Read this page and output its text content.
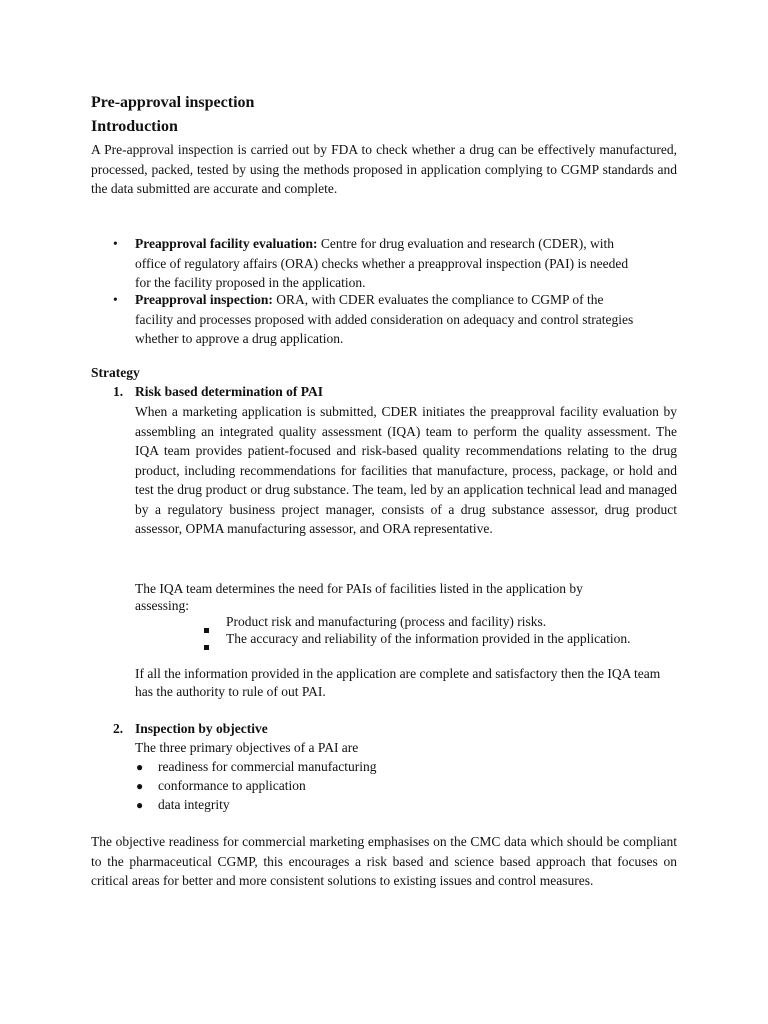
Pre-approval inspection
Introduction
A Pre-approval inspection is carried out by FDA to check whether a drug can be effectively manufactured, processed, packed, tested by using the methods proposed in application complying to CGMP standards and the data submitted are accurate and complete.
• Preapproval facility evaluation: Centre for drug evaluation and research (CDER), with
office of regulatory affairs (ORA) checks whether a preapproval inspection (PAI) is needed
for the facility proposed in the application.
• Preapproval inspection: ORA, with CDER evaluates the compliance to CGMP of the
facility and processes proposed with added consideration on adequacy and control strategies
whether to approve a drug application.
Strategy
1. Risk based determination of PAI
When a marketing application is submitted, CDER initiates the preapproval facility evaluation by assembling an integrated quality assessment (IQA) team to perform the quality assessment. The IQA team provides patient-focused and risk-based quality recommendations relating to the drug product, including recommendations for facilities that manufacture, process, package, or hold and test the drug product or drug substance. The team, led by an application technical lead and managed by a regulatory business project manager, consists of a drug substance assessor, drug product assessor, OPMA manufacturing assessor, and ORA representative.
The IQA team determines the need for PAIs of facilities listed in the application by
assessing:
Product risk and manufacturing (process and facility) risks.
The accuracy and reliability of the information provided in the application.
If all the information provided in the application are complete and satisfactory then the IQA team
has the authority to rule of out PAI.
2. Inspection by objective
The three primary objectives of a PAI are
● readiness for commercial manufacturing
● conformance to application
● data integrity
The objective readiness for commercial marketing emphasises on the CMC data which should be compliant to the pharmaceutical CGMP, this encourages a risk based and science based approach that focuses on critical areas for better and more consistent solutions to existing issues and control measures.
